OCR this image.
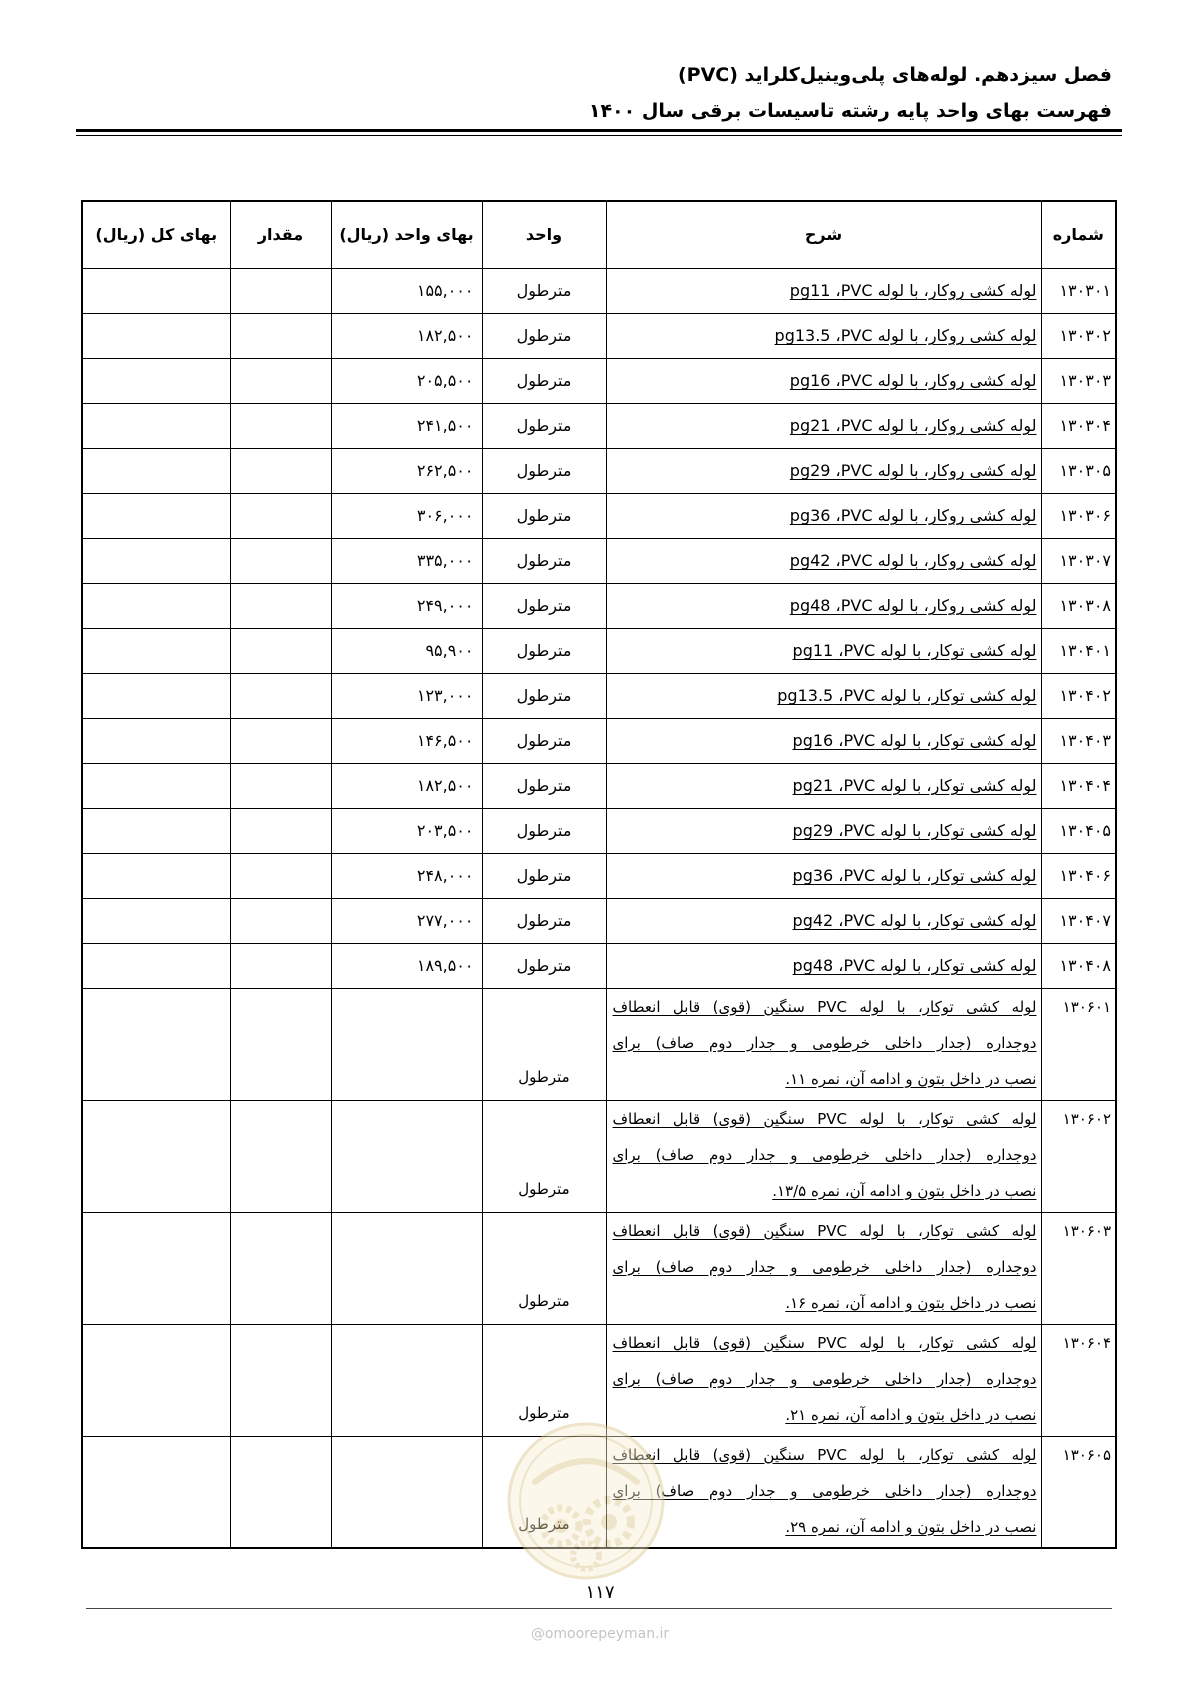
فصل سیزدهم. لوله‌های پلی‌وینیل‌کلراید (PVC)
فهرست بهای واحد پایه رشته تاسیسات برقی سال ۱۴۰۰
شماره	شرح	واحد	بهای واحد (ریال)	مقدار	بهای کل (ریال)
۱۳۰۳۰۱	لوله کشی روکار، با لوله PVC،‏ pg11	مترطول	۱۵۵,۰۰۰		
۱۳۰۳۰۲	لوله کشی روکار، با لوله PVC،‏ pg13.5	مترطول	۱۸۲,۵۰۰		
۱۳۰۳۰۳	لوله کشی روکار، با لوله PVC،‏ pg16	مترطول	۲۰۵,۵۰۰		
۱۳۰۳۰۴	لوله کشی روکار، با لوله PVC،‏ pg21	مترطول	۲۴۱,۵۰۰		
۱۳۰۳۰۵	لوله کشی روکار، با لوله PVC،‏ pg29	مترطول	۲۶۲,۵۰۰		
۱۳۰۳۰۶	لوله کشی روکار، با لوله PVC،‏ pg36	مترطول	۳۰۶,۰۰۰		
۱۳۰۳۰۷	لوله کشی روکار، با لوله PVC،‏ pg42	مترطول	۳۳۵,۰۰۰		
۱۳۰۳۰۸	لوله کشی روکار، با لوله PVC،‏ pg48	مترطول	۲۴۹,۰۰۰		
۱۳۰۴۰۱	لوله کشی توکار، با لوله PVC،‏ pg11	مترطول	۹۵,۹۰۰		
۱۳۰۴۰۲	لوله کشی توکار، با لوله PVC،‏ pg13.5	مترطول	۱۲۳,۰۰۰		
۱۳۰۴۰۳	لوله کشی توکار، با لوله PVC،‏ pg16	مترطول	۱۴۶,۵۰۰		
۱۳۰۴۰۴	لوله کشی توکار، با لوله PVC،‏ pg21	مترطول	۱۸۲,۵۰۰		
۱۳۰۴۰۵	لوله کشی توکار، با لوله PVC،‏ pg29	مترطول	۲۰۳,۵۰۰		
۱۳۰۴۰۶	لوله کشی توکار، با لوله PVC،‏ pg36	مترطول	۲۴۸,۰۰۰		
۱۳۰۴۰۷	لوله کشی توکار، با لوله PVC،‏ pg42	مترطول	۲۷۷,۰۰۰		
۱۳۰۴۰۸	لوله کشی توکار، با لوله PVC،‏ pg48	مترطول	۱۸۹,۵۰۰		
۱۳۰۶۰۱	لوله کشی توکار، با لوله PVC سنگین (قوی) قابل انعطاف
دوجداره (جدار داخلی خرطومی و جدار دوم صاف) برای
نصب در داخل بتون و ادامه آن، نمره ۱۱.	مترطول			

۱۳۰۶۰۲	لوله کشی توکار، با لوله PVC سنگین (قوی) قابل انعطاف
دوجداره (جدار داخلی خرطومی و جدار دوم صاف) برای
نصب در داخل بتون و ادامه آن، نمره ۱۳/۵.	مترطول			

۱۳۰۶۰۳	لوله کشی توکار، با لوله PVC سنگین (قوی) قابل انعطاف
دوجداره (جدار داخلی خرطومی و جدار دوم صاف) برای
نصب در داخل بتون و ادامه آن، نمره ۱۶.	مترطول			

۱۳۰۶۰۴	لوله کشی توکار، با لوله PVC سنگین (قوی) قابل انعطاف
دوجداره (جدار داخلی خرطومی و جدار دوم صاف) برای
نصب در داخل بتون و ادامه آن، نمره ۲۱.	مترطول			

۱۳۰۶۰۵	لوله کشی توکار، با لوله PVC سنگین (قوی) قابل انعطاف
دوجداره (جدار داخلی خرطومی و جدار دوم صاف) برای
نصب در داخل بتون و ادامه آن، نمره ۲۹.	مترطول			

۱۱۷
@omoorepeyman.ir
